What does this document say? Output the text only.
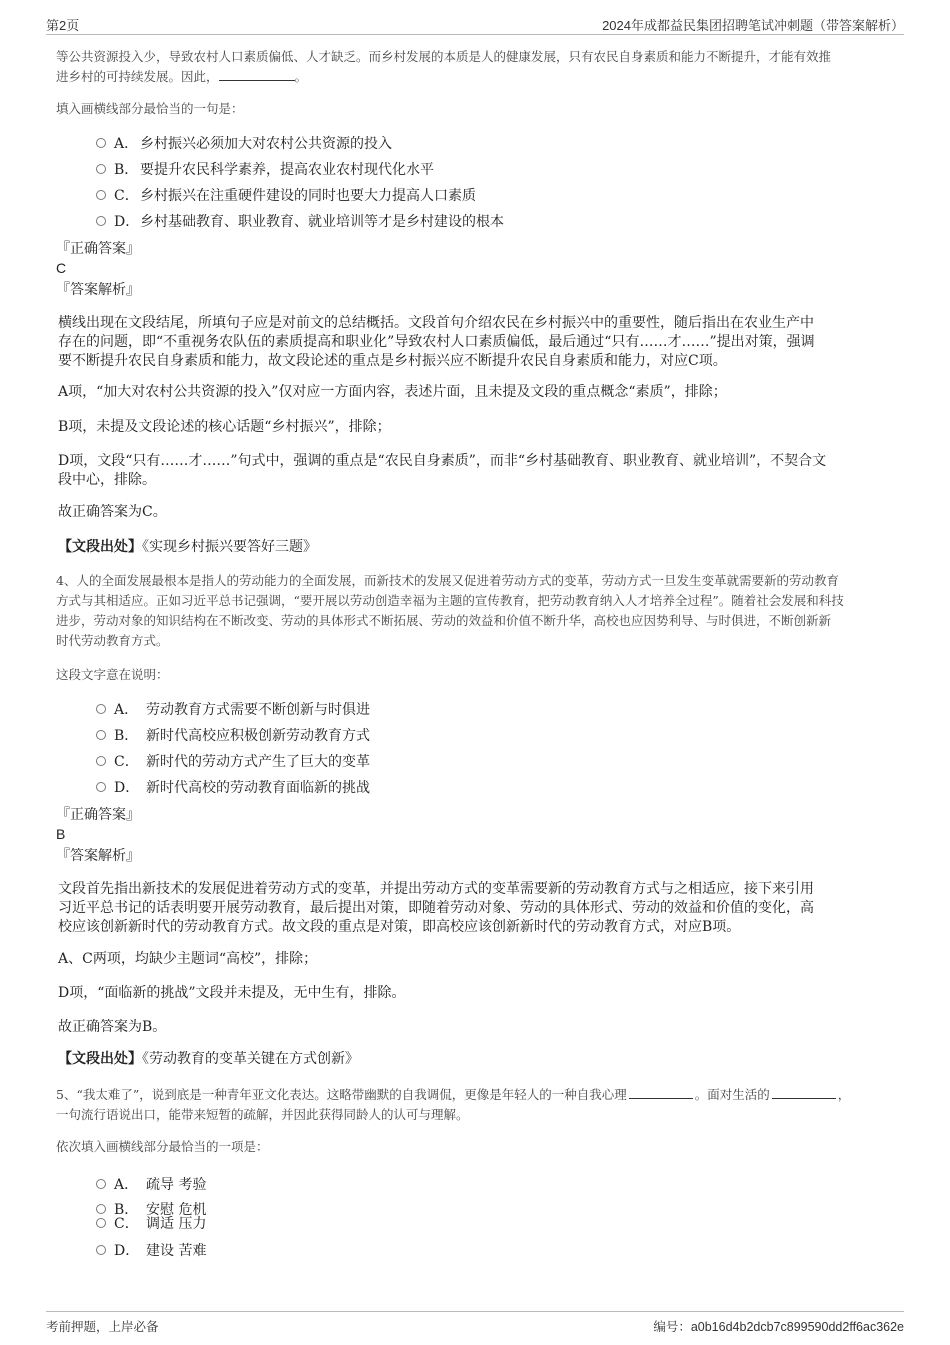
第2页	2024年成都益民集团招聘笔试冲刺题（带答案解析）
等公共资源投入少，导致农村人口素质偏低、人才缺乏。而乡村发展的本质是人的健康发展，只有农民自身素质和能力不断提升，才能有效推
进乡村的可持续发展。因此，	。
填入画横线部分最恰当的一句是：
A． 乡村振兴必须加大对农村公共资源的投入
B． 要提升农民科学素养，提高农业农村现代化水平
C．乡村振兴在注重硬件建设的同时也要大力提高人口素质
D．乡村基础教育、职业教育、就业培训等才是乡村建设的根本
『正确答案』
C
『答案解析』
横线出现在文段结尾，所填句子应是对前文的总结概括。文段首句介绍农民在乡村振兴中的重要性，随后指出在农业生产中
存在的问题，即“不重视务农队伍的素质提高和职业化”导致农村人口素质偏低，最后通过“只有……才……”提出对策，强调
要不断提升农民自身素质和能力，故文段论述的重点是乡村振兴应不断提升农民自身素质和能力，对应C项。
A项，“加大对农村公共资源的投入”仅对应一方面内容，表述片面，且未提及文段的重点概念“素质”，排除；
B项，未提及文段论述的核心话题“乡村振兴”，排除；
D项，文段“只有……才……”句式中，强调的重点是“农民自身素质”，而非“乡村基础教育、职业教育、就业培训”，不契合文
段中心，排除。
故正确答案为C。
【文段出处】《实现乡村振兴要答好三题》
4、人的全面发展最根本是指人的劳动能力的全面发展，而新技术的发展又促进着劳动方式的变革，劳动方式一旦发生变革就需要新的劳动教育
方式与其相适应。正如习近平总书记强调，“要开展以劳动创造幸福为主题的宣传教育，把劳动教育纳入人才培养全过程”。随着社会发展和科技
进步，劳动对象的知识结构在不断改变、劳动的具体形式不断拓展、劳动的效益和价值不断升华，高校也应因势利导、与时俱进，不断创新新
时代劳动教育方式。
这段文字意在说明：
A． 劳动教育方式需要不断创新与时俱进
B． 新时代高校应积极创新劳动教育方式
C． 新时代的劳动方式产生了巨大的变革
D． 新时代高校的劳动教育面临新的挑战
『正确答案』
B
『答案解析』
文段首先指出新技术的发展促进着劳动方式的变革，并提出劳动方式的变革需要新的劳动教育方式与之相适应，接下来引用
习近平总书记的话表明要开展劳动教育，最后提出对策，即随着劳动对象、劳动的具体形式、劳动的效益和价值的变化，高
校应该创新新时代的劳动教育方式。故文段的重点是对策，即高校应该创新新时代的劳动教育方式，对应B项。
A、C两项，均缺少主题词“高校”，排除；
D项，“面临新的挑战”文段并未提及，无中生有，排除。
故正确答案为B。
【文段出处】《劳动教育的变革关键在方式创新》
5、“我太难了”，说到底是一种青年亚文化表达。这略带幽默的自我调侃，更像是年轻人的一种自我心理	。面对生活的	，
一句流行语说出口，能带来短暂的疏解，并因此获得同龄人的认可与理解。
依次填入画横线部分最恰当的一项是：
A． 疏导 考验
B． 安慰 危机
C． 调适 压力
D． 建设 苦难
考前押题，上岸必备	编号：a0b16d4b2dcb7c899590dd2ff6ac362e
